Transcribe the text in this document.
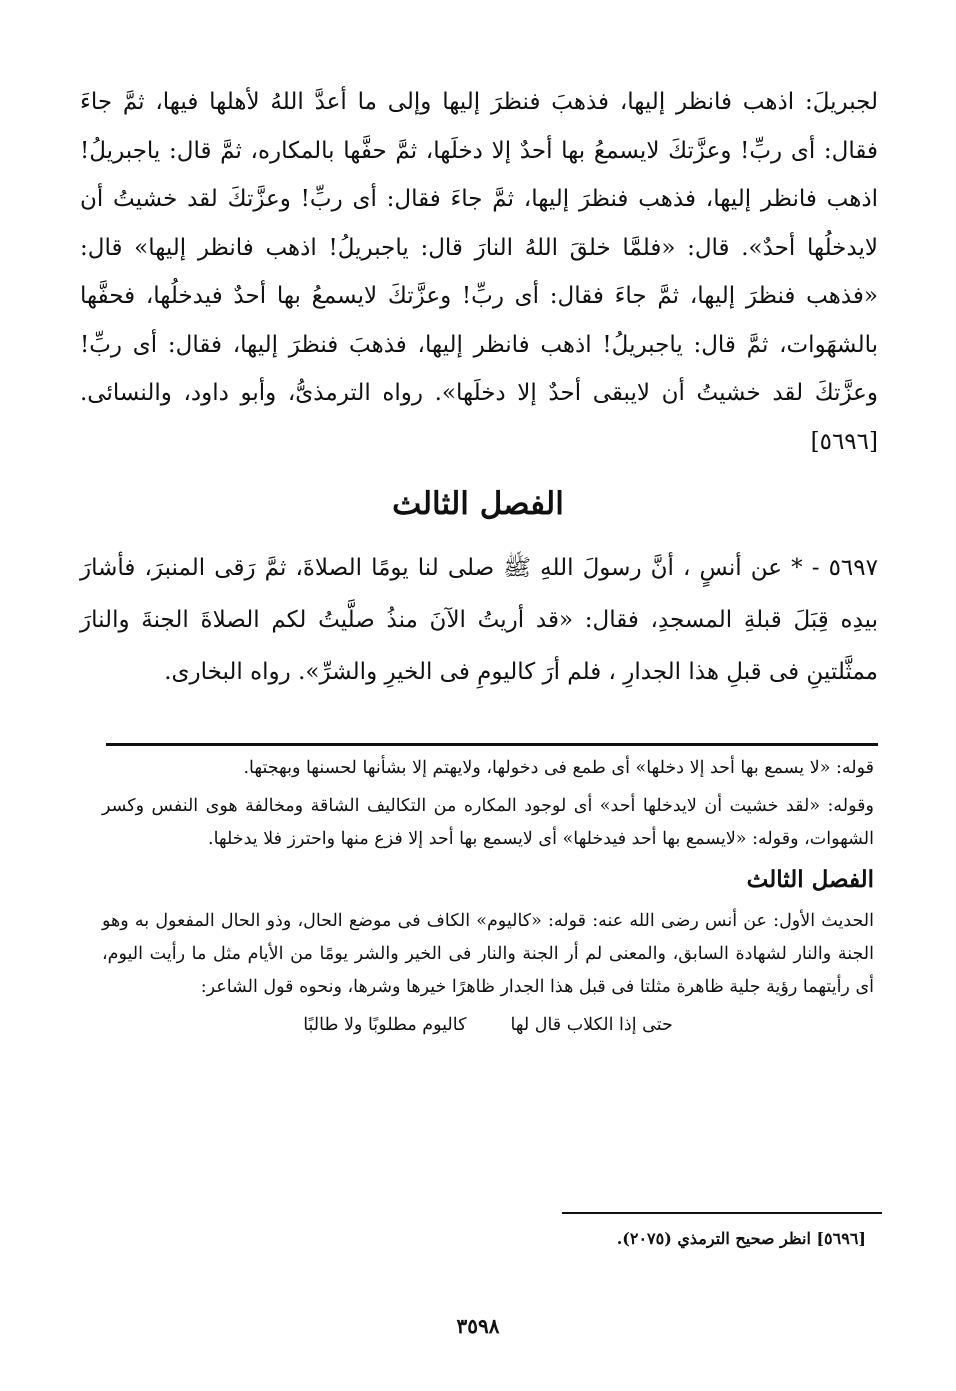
لجبريلَ: اذهب فانظر إليها، فذهبَ فنظرَ إليها وإلى ما أعدَّ اللهُ لأهلها فيها، ثمَّ جاءَ فقال: أى ربِّ! وعزَّتكَ لايسمعُ بها أحدٌ إلا دخلَها، ثمَّ حفَّها بالمكاره، ثمَّ قال: ياجبريلُ! اذهب فانظر إليها، فذهب فنظرَ إليها، ثمَّ جاءَ فقال: أى ربِّ! وعزَّتكَ لقد خشيتُ أن لايدخلُها أحدٌ». قال: «فلمَّا خلقَ اللهُ النارَ قال: ياجبريلُ! اذهب فانظر إليها» قال: «فذهب فنظرَ إليها، ثمَّ جاءَ فقال: أى ربِّ! وعزَّتكَ لايسمعُ بها أحدٌ فيدخلُها، فحفَّها بالشهَوات، ثمَّ قال: ياجبريلُ! اذهب فانظر إليها، فذهبَ فنظرَ إليها، فقال: أى ربِّ! وعزَّتكَ لقد خشيتُ أن لايبقى أحدٌ إلا دخلَها». رواه الترمذىُّ، وأبو داود، والنسائى. [٥٦٩٦]

الفصل الثالث

٥٦٩٧ - * عن أنسٍ ، أنَّ رسولَ اللهِ ﷺ صلى لنا يومًا الصلاةَ، ثمَّ رَقى المنبرَ، فأشارَ بيدِه قِبَلَ قبلةِ المسجدِ، فقال: «قد أريتُ الآنَ منذُ صلَّيتُ لكم الصلاةَ الجنةَ والنارَ ممثَّلتينِ فى قبلِ هذا الجدارِ ، فلم أرَ كاليومِ فى الخيرِ والشرِّ». رواه البخارى.

قوله: «لا يسمع بها أحد إلا دخلها» أى طمع فى دخولها، ولايهتم إلا بشأنها لحسنها وبهجتها.

وقوله: «لقد خشيت أن لايدخلها أحد» أى لوجود المكاره من التكاليف الشاقة ومخالفة هوى النفس وكسر الشهوات، وقوله: «لايسمع بها أحد فيدخلها» أى لايسمع بها أحد إلا فزع منها واحترز فلا يدخلها.

الفصل الثالث

الحديث الأول: عن أنس رضى الله عنه: قوله: «كاليوم» الكاف فى موضع الحال، وذو الحال المفعول به وهو الجنة والنار لشهادة السابق، والمعنى لم أر الجنة والنار فى الخير والشر يومًا من الأيام مثل ما رأيت اليوم، أى رأيتهما رؤية جلية ظاهرة مثلتا فى قبل هذا الجدار ظاهرًا خيرها وشرها، ونحوه قول الشاعر:

حتى إذا الكلاب قال لها
كاليوم مطلوبًا ولا طالبًا
[٥٦٩٦] انظر صحيح الترمذي (٢٠٧٥).
٣٥٩٨
